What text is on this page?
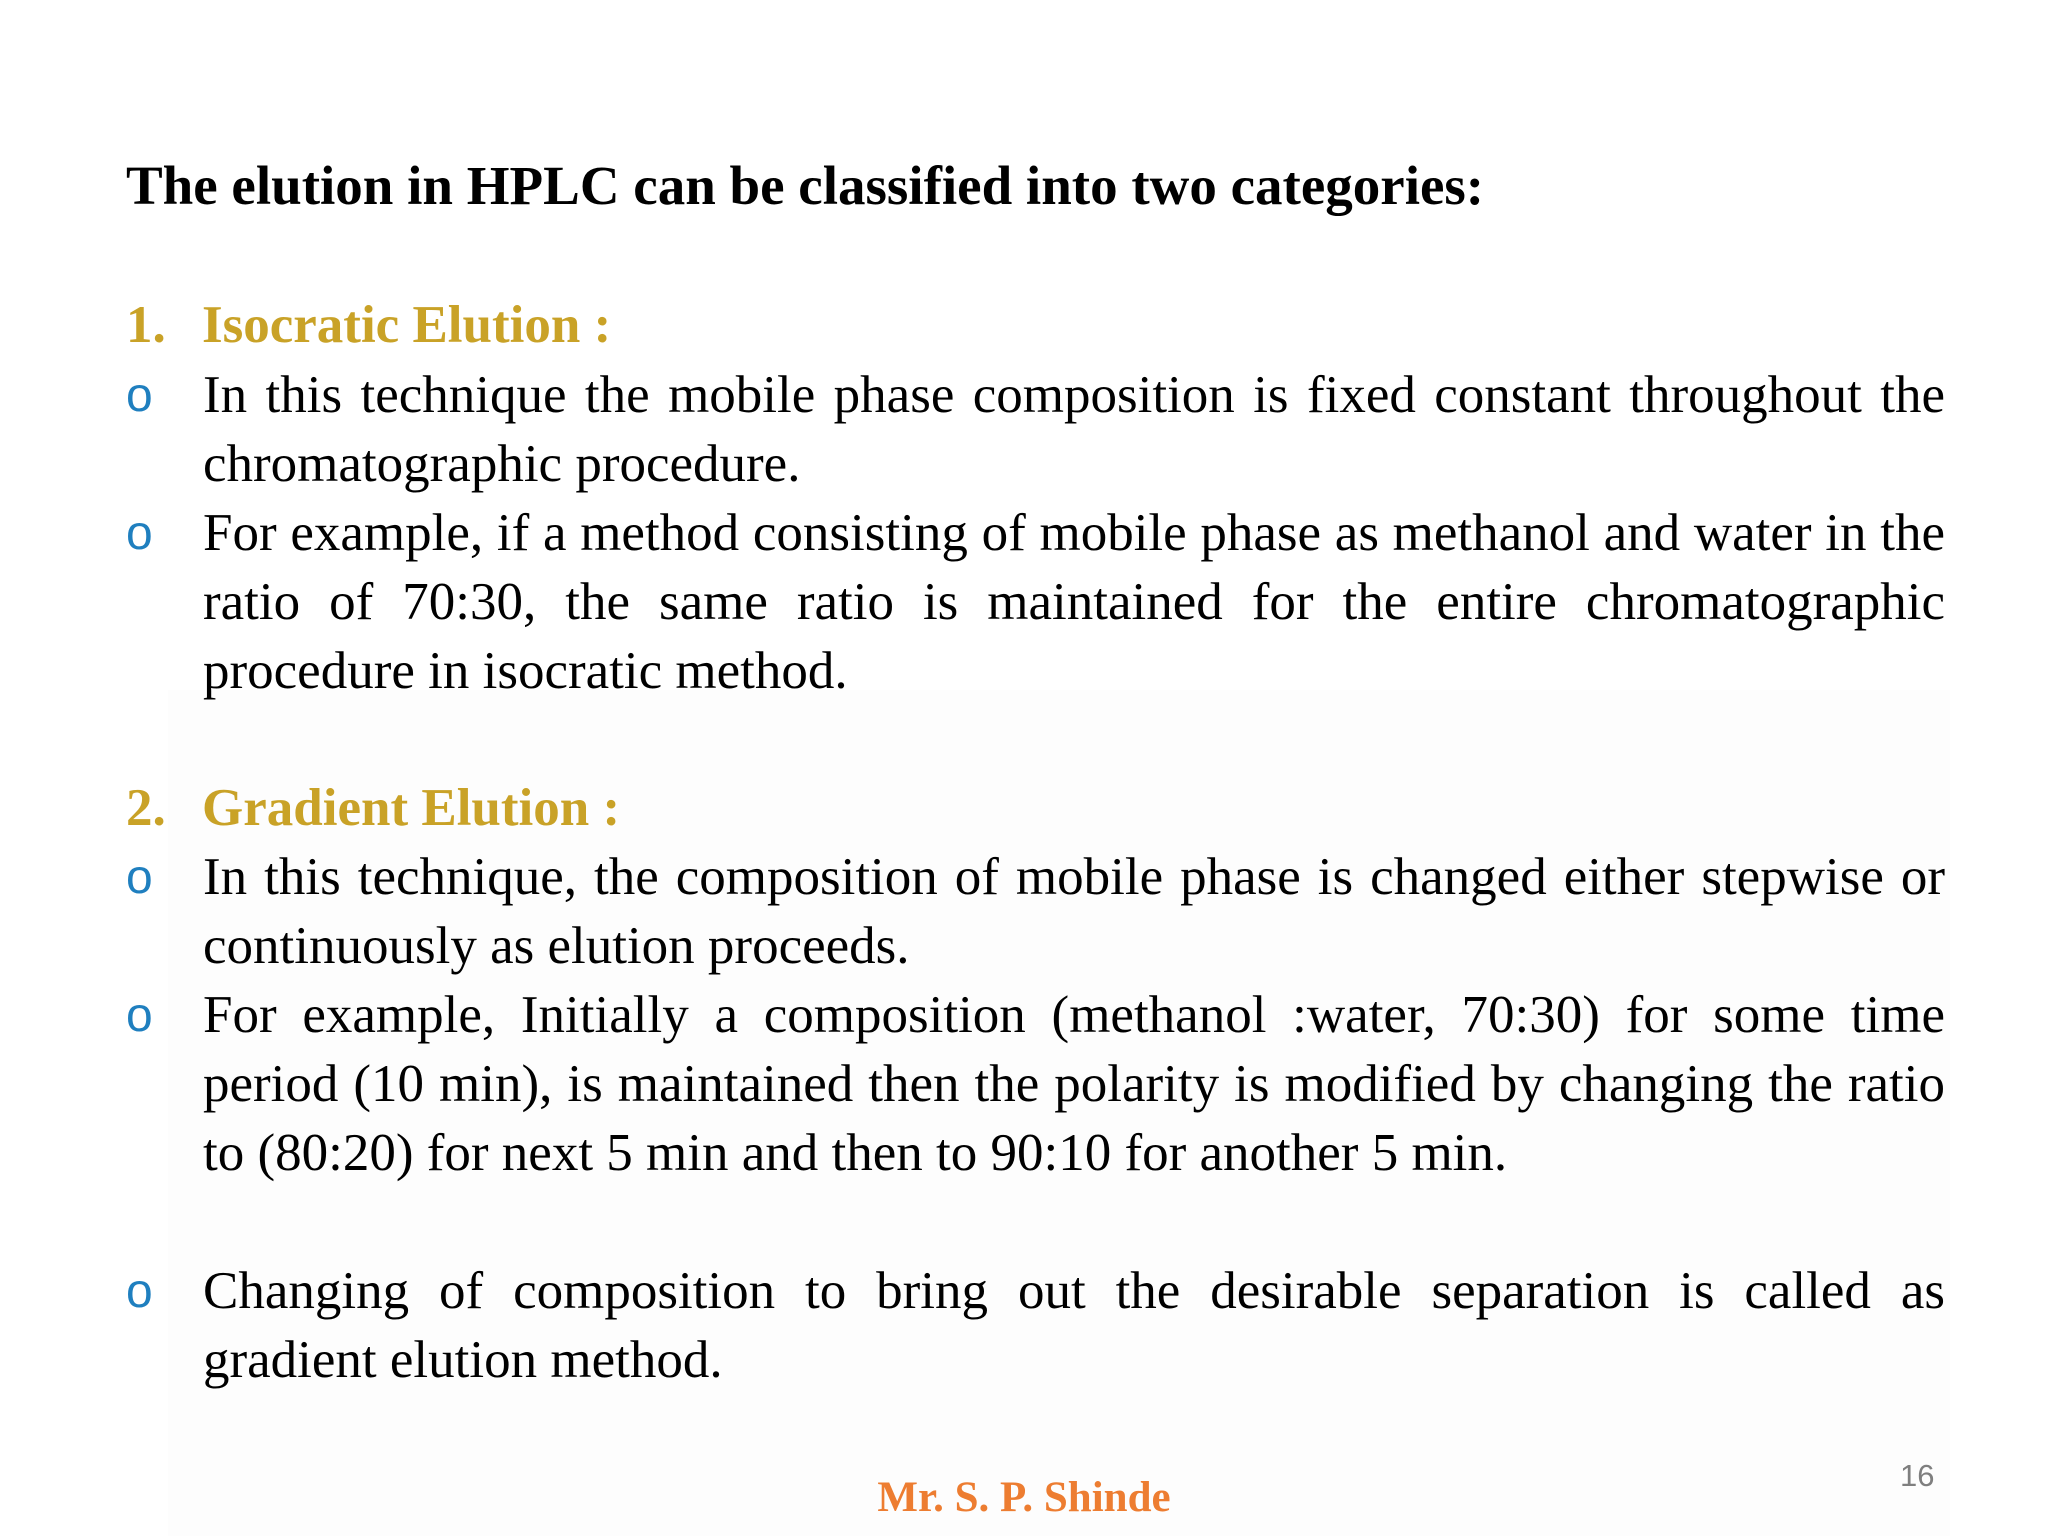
The elution in HPLC can be classified into two categories:
1. Isocratic Elution :
o In this technique the mobile phase composition is fixed constant throughout the chromatographic procedure.
o For example, if a method consisting of mobile phase as methanol and water in the ratio of 70:30, the same ratio is maintained for the entire chromatographic procedure in isocratic method.
2. Gradient Elution :
o In this technique, the composition of mobile phase is changed either stepwise or continuously as elution proceeds.
o For example, Initially a composition (methanol :water, 70:30) for some time period (10 min), is maintained then the polarity is modified by changing the ratio to (80:20) for next 5 min and then to 90:10 for another 5 min.
o Changing of composition to bring out the desirable separation is called as gradient elution method.
Mr. S. P. Shinde	16
